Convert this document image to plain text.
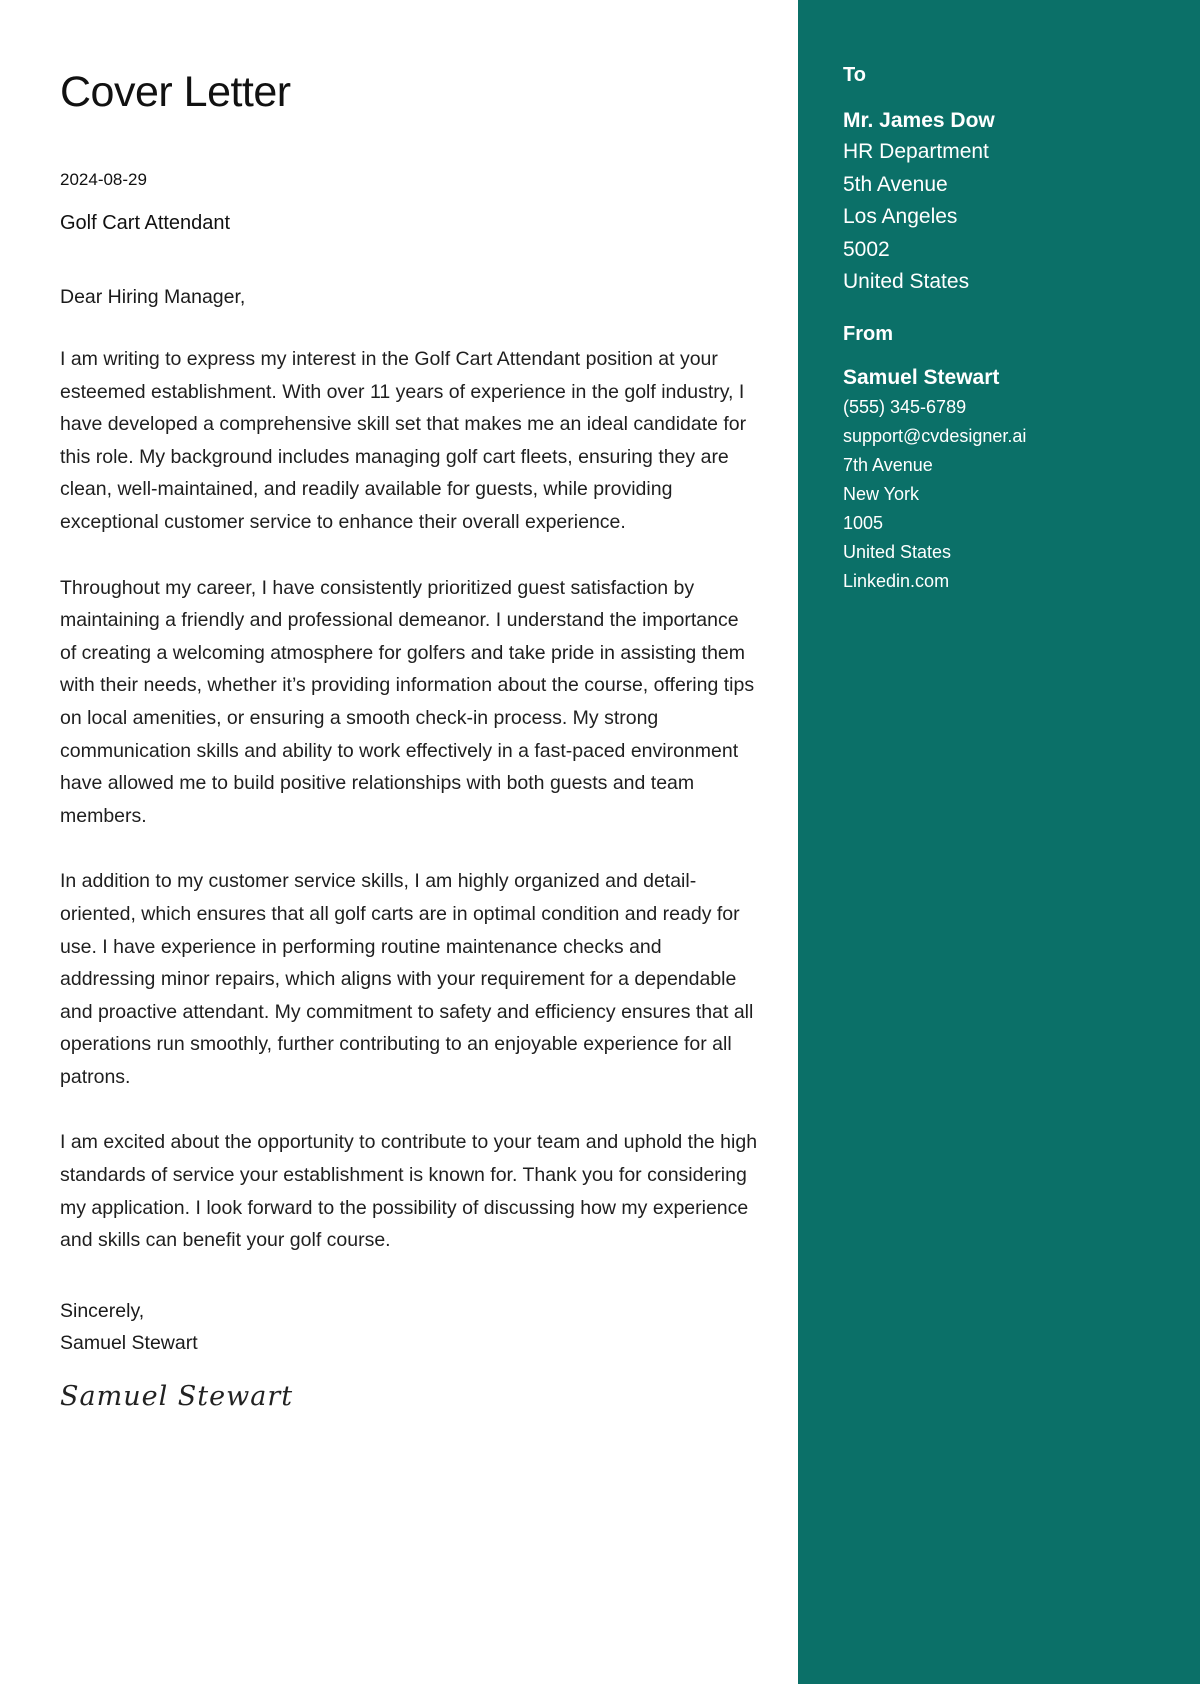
Cover Letter
2024-08-29
Golf Cart Attendant
Dear Hiring Manager,

I am writing to express my interest in the Golf Cart Attendant position at your esteemed establishment. With over 11 years of experience in the golf industry, I have developed a comprehensive skill set that makes me an ideal candidate for this role. My background includes managing golf cart fleets, ensuring they are clean, well-maintained, and readily available for guests, while providing exceptional customer service to enhance their overall experience.

Throughout my career, I have consistently prioritized guest satisfaction by maintaining a friendly and professional demeanor. I understand the importance of creating a welcoming atmosphere for golfers and take pride in assisting them with their needs, whether it’s providing information about the course, offering tips on local amenities, or ensuring a smooth check-in process. My strong communication skills and ability to work effectively in a fast-paced environment have allowed me to build positive relationships with both guests and team members.

In addition to my customer service skills, I am highly organized and detail-oriented, which ensures that all golf carts are in optimal condition and ready for use. I have experience in performing routine maintenance checks and addressing minor repairs, which aligns with your requirement for a dependable and proactive attendant. My commitment to safety and efficiency ensures that all operations run smoothly, further contributing to an enjoyable experience for all patrons.

I am excited about the opportunity to contribute to your team and uphold the high standards of service your establishment is known for. Thank you for considering my application. I look forward to the possibility of discussing how my experience and skills can benefit your golf course.

Sincerely,
Samuel Stewart
Samuel Stewart
To
Mr. James Dow
HR Department
5th Avenue
Los Angeles
5002
United States
From
Samuel Stewart
(555) 345-6789
support@cvdesigner.ai
7th Avenue
New York
1005
United States
Linkedin.com
